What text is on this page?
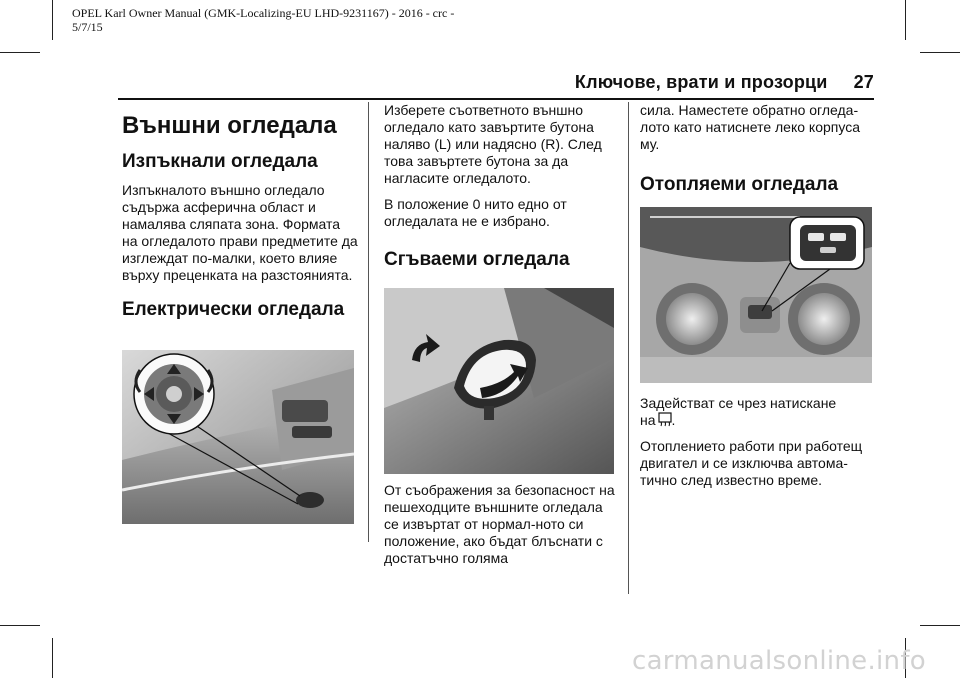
OPEL Karl Owner Manual (GMK-Localizing-EU LHD-9231167) - 2016 - crc -
5/7/15
Ключове, врати и прозорци 27
Външни огледала
Изпъкнали огледала

Изпъкналото външно огледало съдържа асферична област и намалява сляпата зона. Формата на огледалото прави предметите да изглеждат по-малки, което влияе върху преценката на разстоянията.

Електрически огледала

Изберете съответното външно огледало като завъртите бутона наляво (L) или надясно (R). След това завъртете бутона за да нагласите огледалото.

В положение 0 нито едно от огледалата не е избрано.

Сгъваеми огледала

От съображения за безопасност на пешеходците външните огледала се извъртат от нормал-ното си положение, ако бъдат блъснати с достатъчно голяма

сила. Наместете обратно огледа-лото като натиснете леко корпуса му.

Отопляеми огледала

Задействат се чрез натискане
на .

Отоплението работи при работещ двигател и се изключва автома-тично след известно време.

carmanualsonline.info
